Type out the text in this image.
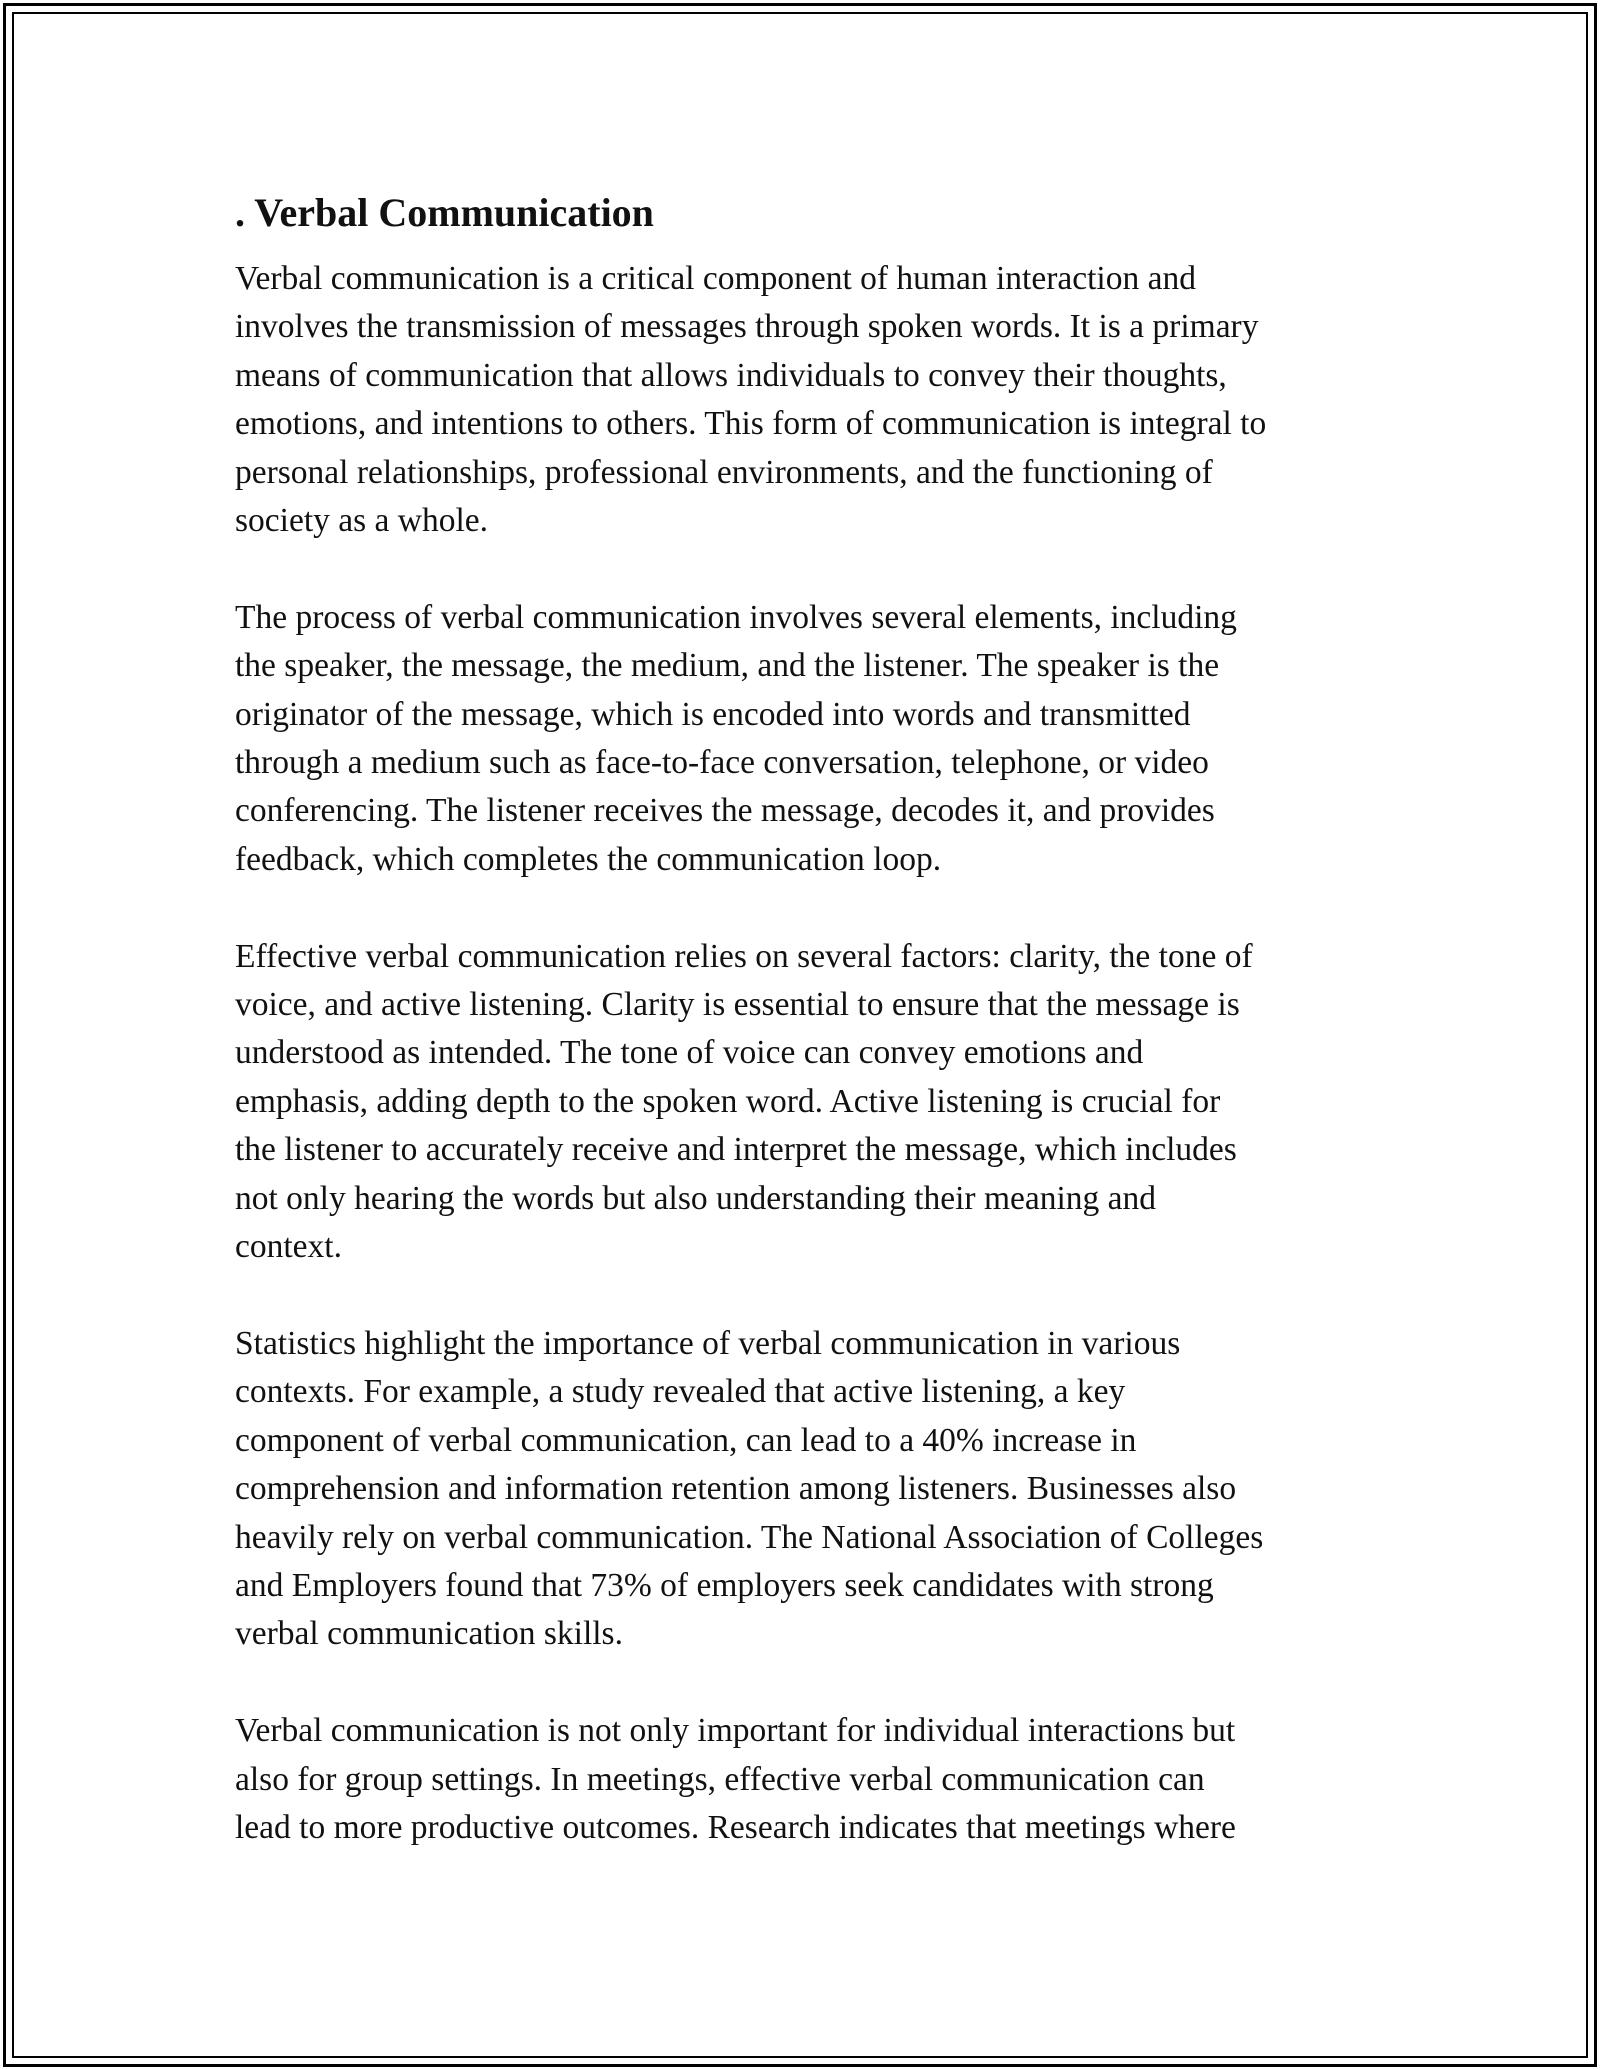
. Verbal Communication

Verbal communication is a critical component of human interaction and
involves the transmission of messages through spoken words. It is a primary
means of communication that allows individuals to convey their thoughts,
emotions, and intentions to others. This form of communication is integral to
personal relationships, professional environments, and the functioning of
society as a whole.

The process of verbal communication involves several elements, including
the speaker, the message, the medium, and the listener. The speaker is the
originator of the message, which is encoded into words and transmitted
through a medium such as face-to-face conversation, telephone, or video
conferencing. The listener receives the message, decodes it, and provides
feedback, which completes the communication loop.

Effective verbal communication relies on several factors: clarity, the tone of
voice, and active listening. Clarity is essential to ensure that the message is
understood as intended. The tone of voice can convey emotions and
emphasis, adding depth to the spoken word. Active listening is crucial for
the listener to accurately receive and interpret the message, which includes
not only hearing the words but also understanding their meaning and
context.

Statistics highlight the importance of verbal communication in various
contexts. For example, a study revealed that active listening, a key
component of verbal communication, can lead to a 40% increase in
comprehension and information retention among listeners. Businesses also
heavily rely on verbal communication. The National Association of Colleges
and Employers found that 73% of employers seek candidates with strong
verbal communication skills.

Verbal communication is not only important for individual interactions but
also for group settings. In meetings, effective verbal communication can
lead to more productive outcomes. Research indicates that meetings where
